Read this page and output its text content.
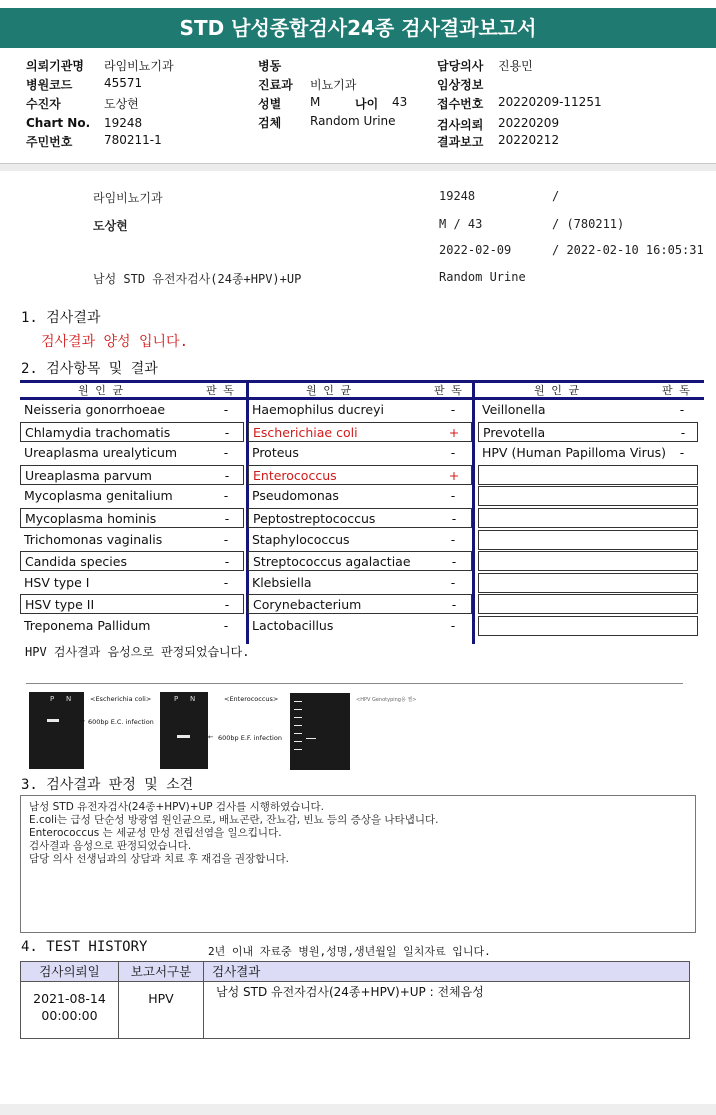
STD 남성종합검사24종 검사결과보고서
의뢰기관명 라임비뇨기과
병원코드	45571
수진자	도상현
Chart No. 19248
주민번호	780211-1
병동
진료과 비뇨기과
성별 M	나이 43
검체 Random Urine
담당의사 진용민
임상정보
접수번호 20220209-11251
검사의뢰 20220209
결과보고 20220212
라임비뇨기과	19248	/
도상현	M / 43	/ (780211)
2022-02-09	/ 2022-02-10 16:05:31
남성 STD 유전자검사(24종+HPV)+UP	Random Urine
1. 검사결과
검사결과 양성 입니다.
2. 검사항목 및 결과
원 인 균	판 독
Neisseria gonorrhoeae	-
Chlamydia trachomatis	-
Ureaplasma urealyticum	-
Ureaplasma parvum	-
Mycoplasma genitalium	-
Mycoplasma hominis	-
Trichomonas vaginalis	-
Candida species	-
HSV type I	-
HSV type II	-
Treponema Pallidum	-
원 인 균	판 독
Haemophilus ducreyi	-
Escherichiae coli	+
Proteus	-
Enterococcus	+
Pseudomonas	-
Peptostreptococcus	-
Staphylococcus	-
Streptococcus agalactiae	-
Klebsiella	-
Corynebacterium	-
Lactobacillus	-
원 인 균	판 독
Veillonella	-
Prevotella	-
HPV (Human Papilloma Virus)	-
HPV 검사결과 음성으로 판정되었습니다.
P N	<Escherichia coli>
← 600bp E.C. infection
P N	<Enterococcus>
← 600bp E.F. infection
<HPV Genotyping용 젤>
3. 검사결과 판정 및 소견
남성 STD 유전자검사(24종+HPV)+UP 검사를 시행하였습니다.
E.coli는 급성 단순성 방광염 원인균으로, 배뇨곤란, 잔뇨감, 빈뇨 등의 증상을 나타냅니다.
Enterococcus 는 세균성 만성 전립선염을 일으킵니다.
검사결과 음성으로 판정되었습니다.
담당 의사 선생님과의 상담과 치료 후 재검을 권장합니다.
4. TEST HISTORY	2년 이내 자료중 병원,성명,생년월일 일치자료 입니다.
검사의뢰일	보고서구분	검사결과
2021-08-14
00:00:00
HPV	남성 STD 유전자검사(24종+HPV)+UP : 전체음성
